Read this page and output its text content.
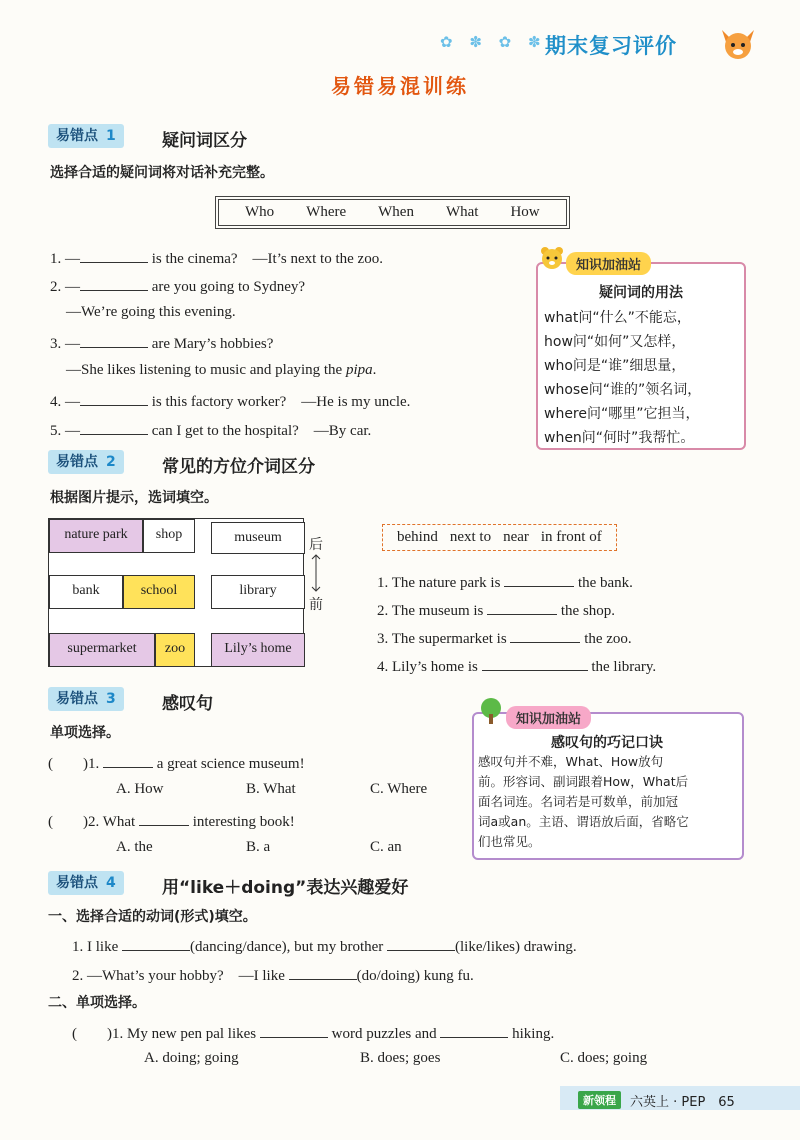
✿ ✽ ✿ ✽
期末复习评价
易错易混训练
易错点 1	疑问词区分
选择合适的疑问词将对话补充完整。
Who Where When What How
1. —	is the cinema?　—It’s next to the zoo.
2. —	are you going to Sydney?
—We’re going this evening.
3. —	are Mary’s hobbies?
—She likes listening to music and playing the pipa.
4. —	is this factory worker?　—He is my uncle.
5. —	can I get to the hospital?　—By car.
知识加油站
疑问词的用法
what问“什么”不能忘，
how问“如何”又怎样，
who问是“谁”细思量，
whose问“谁的”领名词，
where问“哪里”它担当，
when问“何时”我帮忙。
易错点 2	常见的方位介词区分
根据图片提示，选词填空。
nature park	shop	museum
bank	school	library
supermarket	zoo	Lily’s home
后
前
behind next to near in front of
1. The nature park is	the bank.
2. The museum is	the shop.
3. The supermarket is	the zoo.
4. Lily’s home is	the library.
易错点 3	感叹句
单项选择。
(　　)1.	a great science museum!
A. How	B. What	C. Where
(　　)2. What	interesting book!
A. the	B. a	C. an
知识加油站
感叹句的巧记口诀
感叹句并不难，What、How放句
前。形容词、副词跟着How，What后
面名词连。名词若是可数单，前加冠
词a或an。主语、谓语放后面，省略它
们也常见。
易错点 4	用“like＋doing”表达兴趣爱好
一、选择合适的动词(形式)填空。
1. I like	(dancing/dance), but my brother	(like/likes) drawing.
2. —What’s your hobby?　—I like	(do/doing) kung fu.
二、单项选择。
(　　)1. My new pen pal likes	word puzzles and	hiking.
A. doing; going	B. does; goes	C. does; going
新领程	六英上 · PEP　65
